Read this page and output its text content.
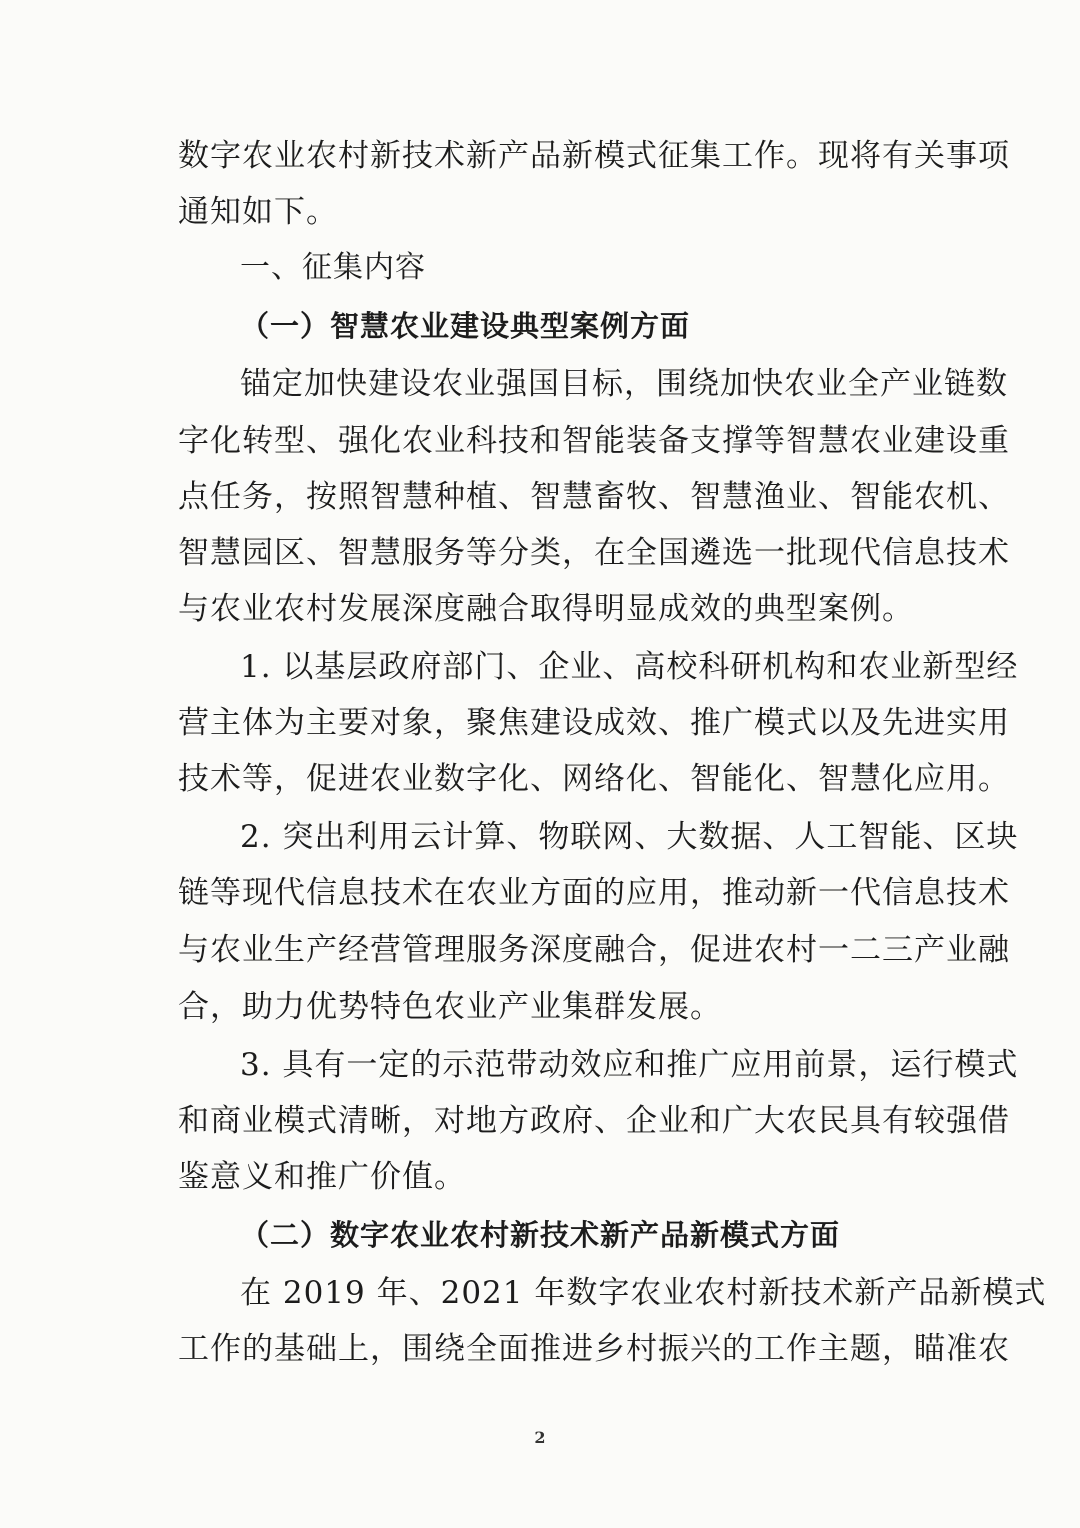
数字农业农村新技术新产品新模式征集工作。现将有关事项
通知如下。
一、征集内容
（一）智慧农业建设典型案例方面
锚定加快建设农业强国目标，围绕加快农业全产业链数
字化转型、强化农业科技和智能装备支撑等智慧农业建设重
点任务，按照智慧种植、智慧畜牧、智慧渔业、智能农机、
智慧园区、智慧服务等分类，在全国遴选一批现代信息技术
与农业农村发展深度融合取得明显成效的典型案例。
1. 以基层政府部门、企业、高校科研机构和农业新型经
营主体为主要对象，聚焦建设成效、推广模式以及先进实用
技术等，促进农业数字化、网络化、智能化、智慧化应用。
2. 突出利用云计算、物联网、大数据、人工智能、区块
链等现代信息技术在农业方面的应用，推动新一代信息技术
与农业生产经营管理服务深度融合，促进农村一二三产业融
合，助力优势特色农业产业集群发展。
3. 具有一定的示范带动效应和推广应用前景，运行模式
和商业模式清晰，对地方政府、企业和广大农民具有较强借
鉴意义和推广价值。
（二）数字农业农村新技术新产品新模式方面
在 2019 年、2021 年数字农业农村新技术新产品新模式
工作的基础上，围绕全面推进乡村振兴的工作主题，瞄准农
2
